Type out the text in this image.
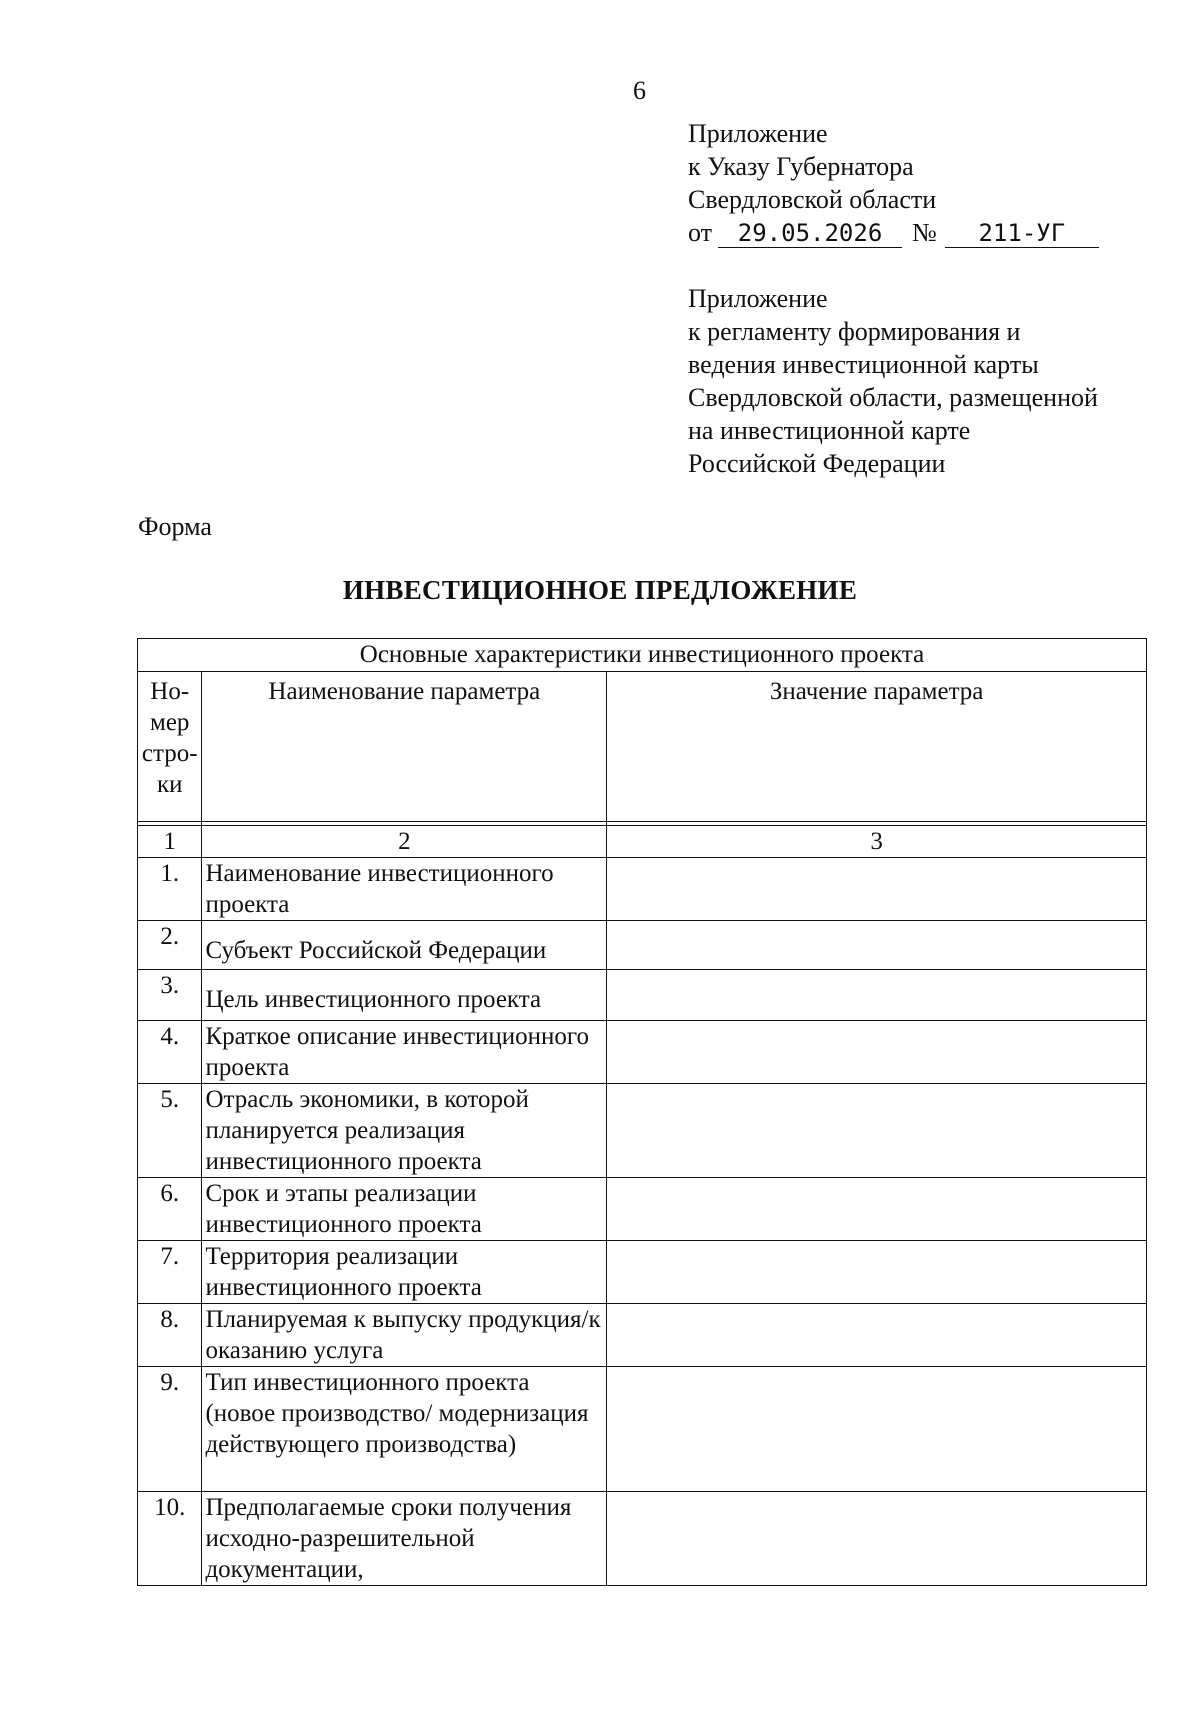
6
Приложение
к Указу Губернатора
Свердловской области
от 29.05.2026 № 211-УГ
Приложение
к регламенту формирования и
ведения инвестиционной карты
Свердловской области, размещенной
на инвестиционной карте
Российской Федерации
Форма
ИНВЕСТИЦИОННОЕ ПРЕДЛОЖЕНИЕ
Основные характеристики инвестиционного проекта		
Но-
мер
стро-
ки	Наименование параметра	Значение параметра

1	2	3
1.	Наименование инвестиционного проекта	
2.	Субъект Российской Федерации	
3.	Цель инвестиционного проекта	
4.	Краткое описание инвестиционного проекта	
5.	Отрасль экономики, в которой планируется реализация инвестиционного проекта	
6.	Срок и этапы реализации инвестиционного проекта	
7.	Территория реализации инвестиционного проекта	
8.	Планируемая к выпуску продукция/к оказанию услуга	
9.	Тип инвестиционного проекта (новое производство/ модернизация действующего производства)	
10.	Предполагаемые сроки получения исходно-разрешительной документации,	
